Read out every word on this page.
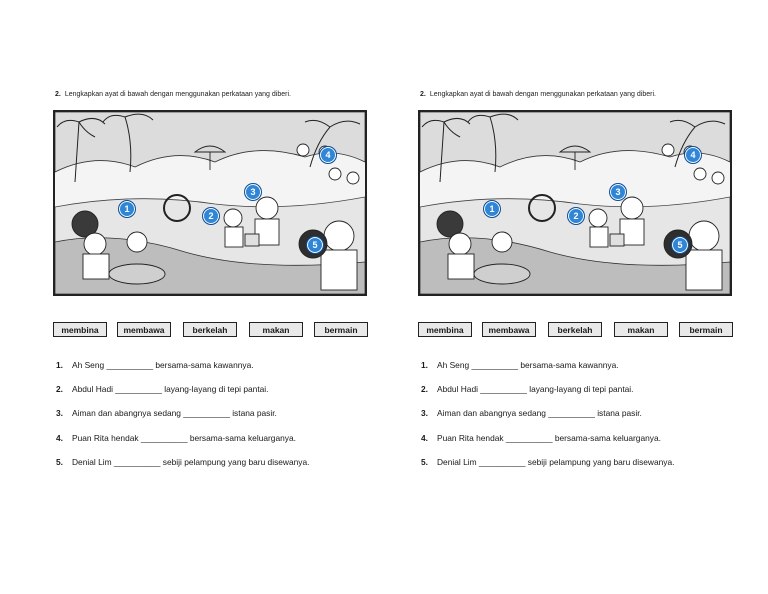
2. Lengkapkan ayat di bawah dengan menggunakan perkataan yang diberi.
1
2
3
4
5
membina	membawa	berkelah	makan	bermain
1.	Ah Seng __________ bersama-sama kawannya.
2.	Abdul Hadi __________ layang-layang di tepi pantai.
3.	Aiman dan abangnya sedang __________ istana pasir.
4.	Puan Rita hendak __________ bersama-sama keluarganya.
5.	Denial Lim __________ sebiji pelampung yang baru disewanya.
2. Lengkapkan ayat di bawah dengan menggunakan perkataan yang diberi.
1
2
3
4
5
membina	membawa	berkelah	makan	bermain
1.	Ah Seng __________ bersama-sama kawannya.
2.	Abdul Hadi __________ layang-layang di tepi pantai.
3.	Aiman dan abangnya sedang __________ istana pasir.
4.	Puan Rita hendak __________ bersama-sama keluarganya.
5.	Denial Lim __________ sebiji pelampung yang baru disewanya.
